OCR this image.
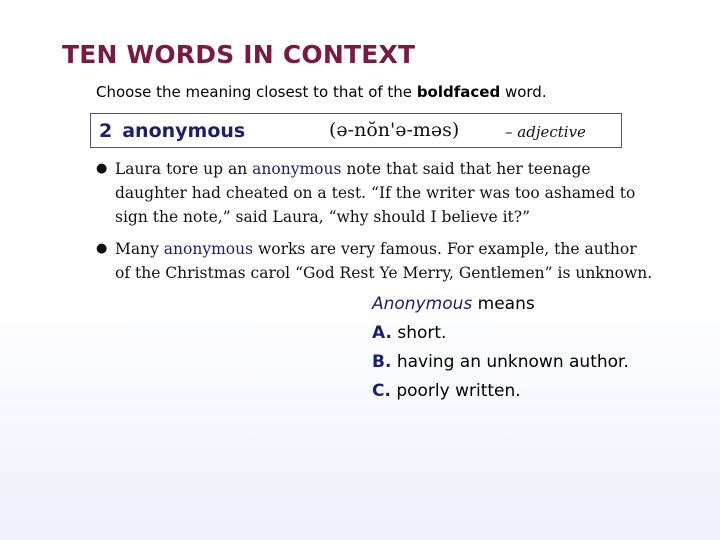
TEN WORDS IN CONTEXT
Choose the meaning closest to that of the boldfaced word.
2 anonymous	(ə-nŏn'ə-məs)	– adjective
● Laura tore up an anonymous note that said that her teenage daughter had cheated on a test. “If the writer was too ashamed to sign the note,” said Laura, “why should I believe it?”
● Many anonymous works are very famous. For example, the author of the Christmas carol “God Rest Ye Merry, Gentlemen” is unknown.
Anonymous means
A. short.
B. having an unknown author.
C. poorly written.
